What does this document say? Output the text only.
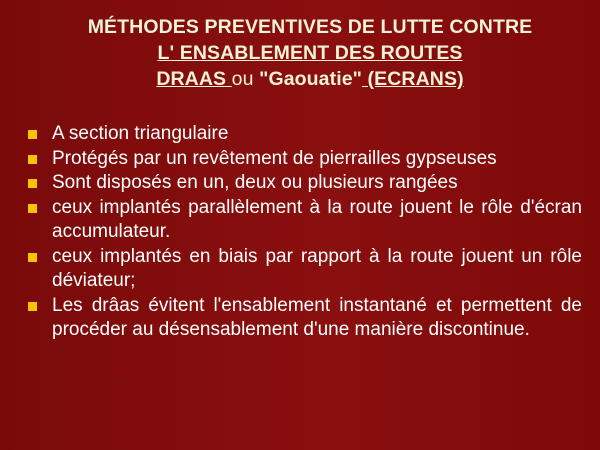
MÉTHODES PREVENTIVES DE LUTTE CONTRE
L' ENSABLEMENT DES ROUTES
DRAAS ou "Gaouatie" (ECRANS)
A section triangulaire
Protégés par un revêtement de pierrailles gypseuses
Sont disposés en un, deux ou plusieurs rangées
ceux implantés parallèlement à la route jouent le rôle d'écran accumulateur.
ceux implantés en biais par rapport à la route jouent un rôle déviateur;
Les drâas évitent l'ensablement instantané et permettent de procéder au désensablement d'une manière discontinue.
